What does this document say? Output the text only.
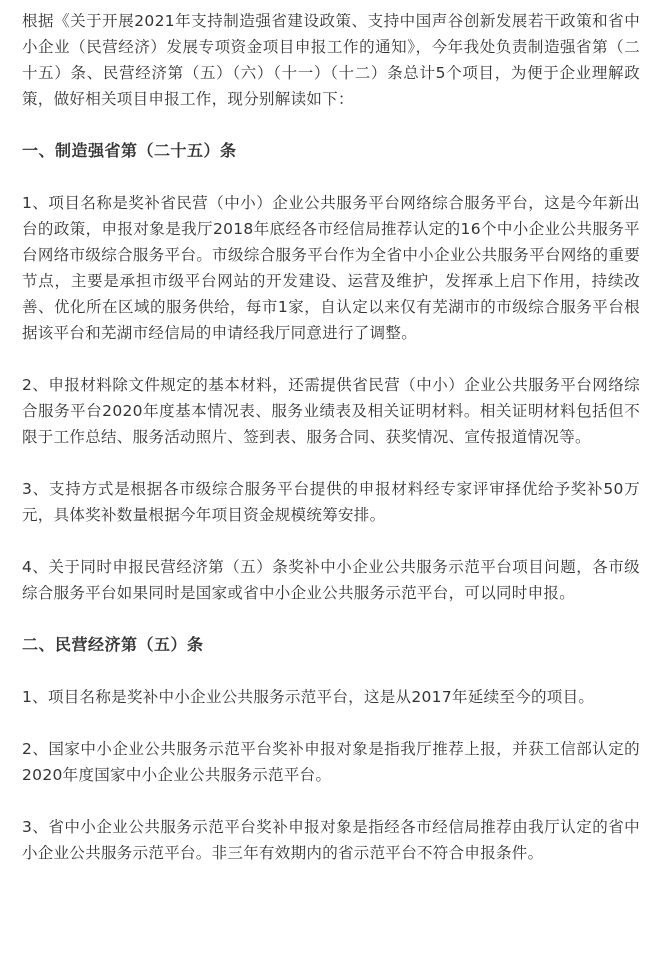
根据《关于开展2021年支持制造强省建设政策、支持中国声谷创新发展若干政策和省中小企业（民营经济）发展专项资金项目申报工作的通知》，今年我处负责制造强省第（二十五）条、民营经济第（五）（六）（十一）（十二）条总计5个项目，为便于企业理解政策，做好相关项目申报工作，现分别解读如下：

一、制造强省第（二十五）条

1、项目名称是奖补省民营（中小）企业公共服务平台网络综合服务平台，这是今年新出台的政策，申报对象是我厅2018年底经各市经信局推荐认定的16个中小企业公共服务平台网络市级综合服务平台。市级综合服务平台作为全省中小企业公共服务平台网络的重要节点，主要是承担市级平台网站的开发建设、运营及维护，发挥承上启下作用，持续改善、优化所在区域的服务供给，每市1家，自认定以来仅有芜湖市的市级综合服务平台根据该平台和芜湖市经信局的申请经我厅同意进行了调整。

2、申报材料除文件规定的基本材料，还需提供省民营（中小）企业公共服务平台网络综合服务平台2020年度基本情况表、服务业绩表及相关证明材料。相关证明材料包括但不限于工作总结、服务活动照片、签到表、服务合同、获奖情况、宣传报道情况等。

3、支持方式是根据各市级综合服务平台提供的申报材料经专家评审择优给予奖补50万元，具体奖补数量根据今年项目资金规模统筹安排。

4、关于同时申报民营经济第（五）条奖补中小企业公共服务示范平台项目问题，各市级综合服务平台如果同时是国家或省中小企业公共服务示范平台，可以同时申报。

二、民营经济第（五）条

1、项目名称是奖补中小企业公共服务示范平台，这是从2017年延续至今的项目。

2、国家中小企业公共服务示范平台奖补申报对象是指我厅推荐上报，并获工信部认定的2020年度国家中小企业公共服务示范平台。

3、省中小企业公共服务示范平台奖补申报对象是指经各市经信局推荐由我厅认定的省中小企业公共服务示范平台。非三年有效期内的省示范平台不符合申报条件。
